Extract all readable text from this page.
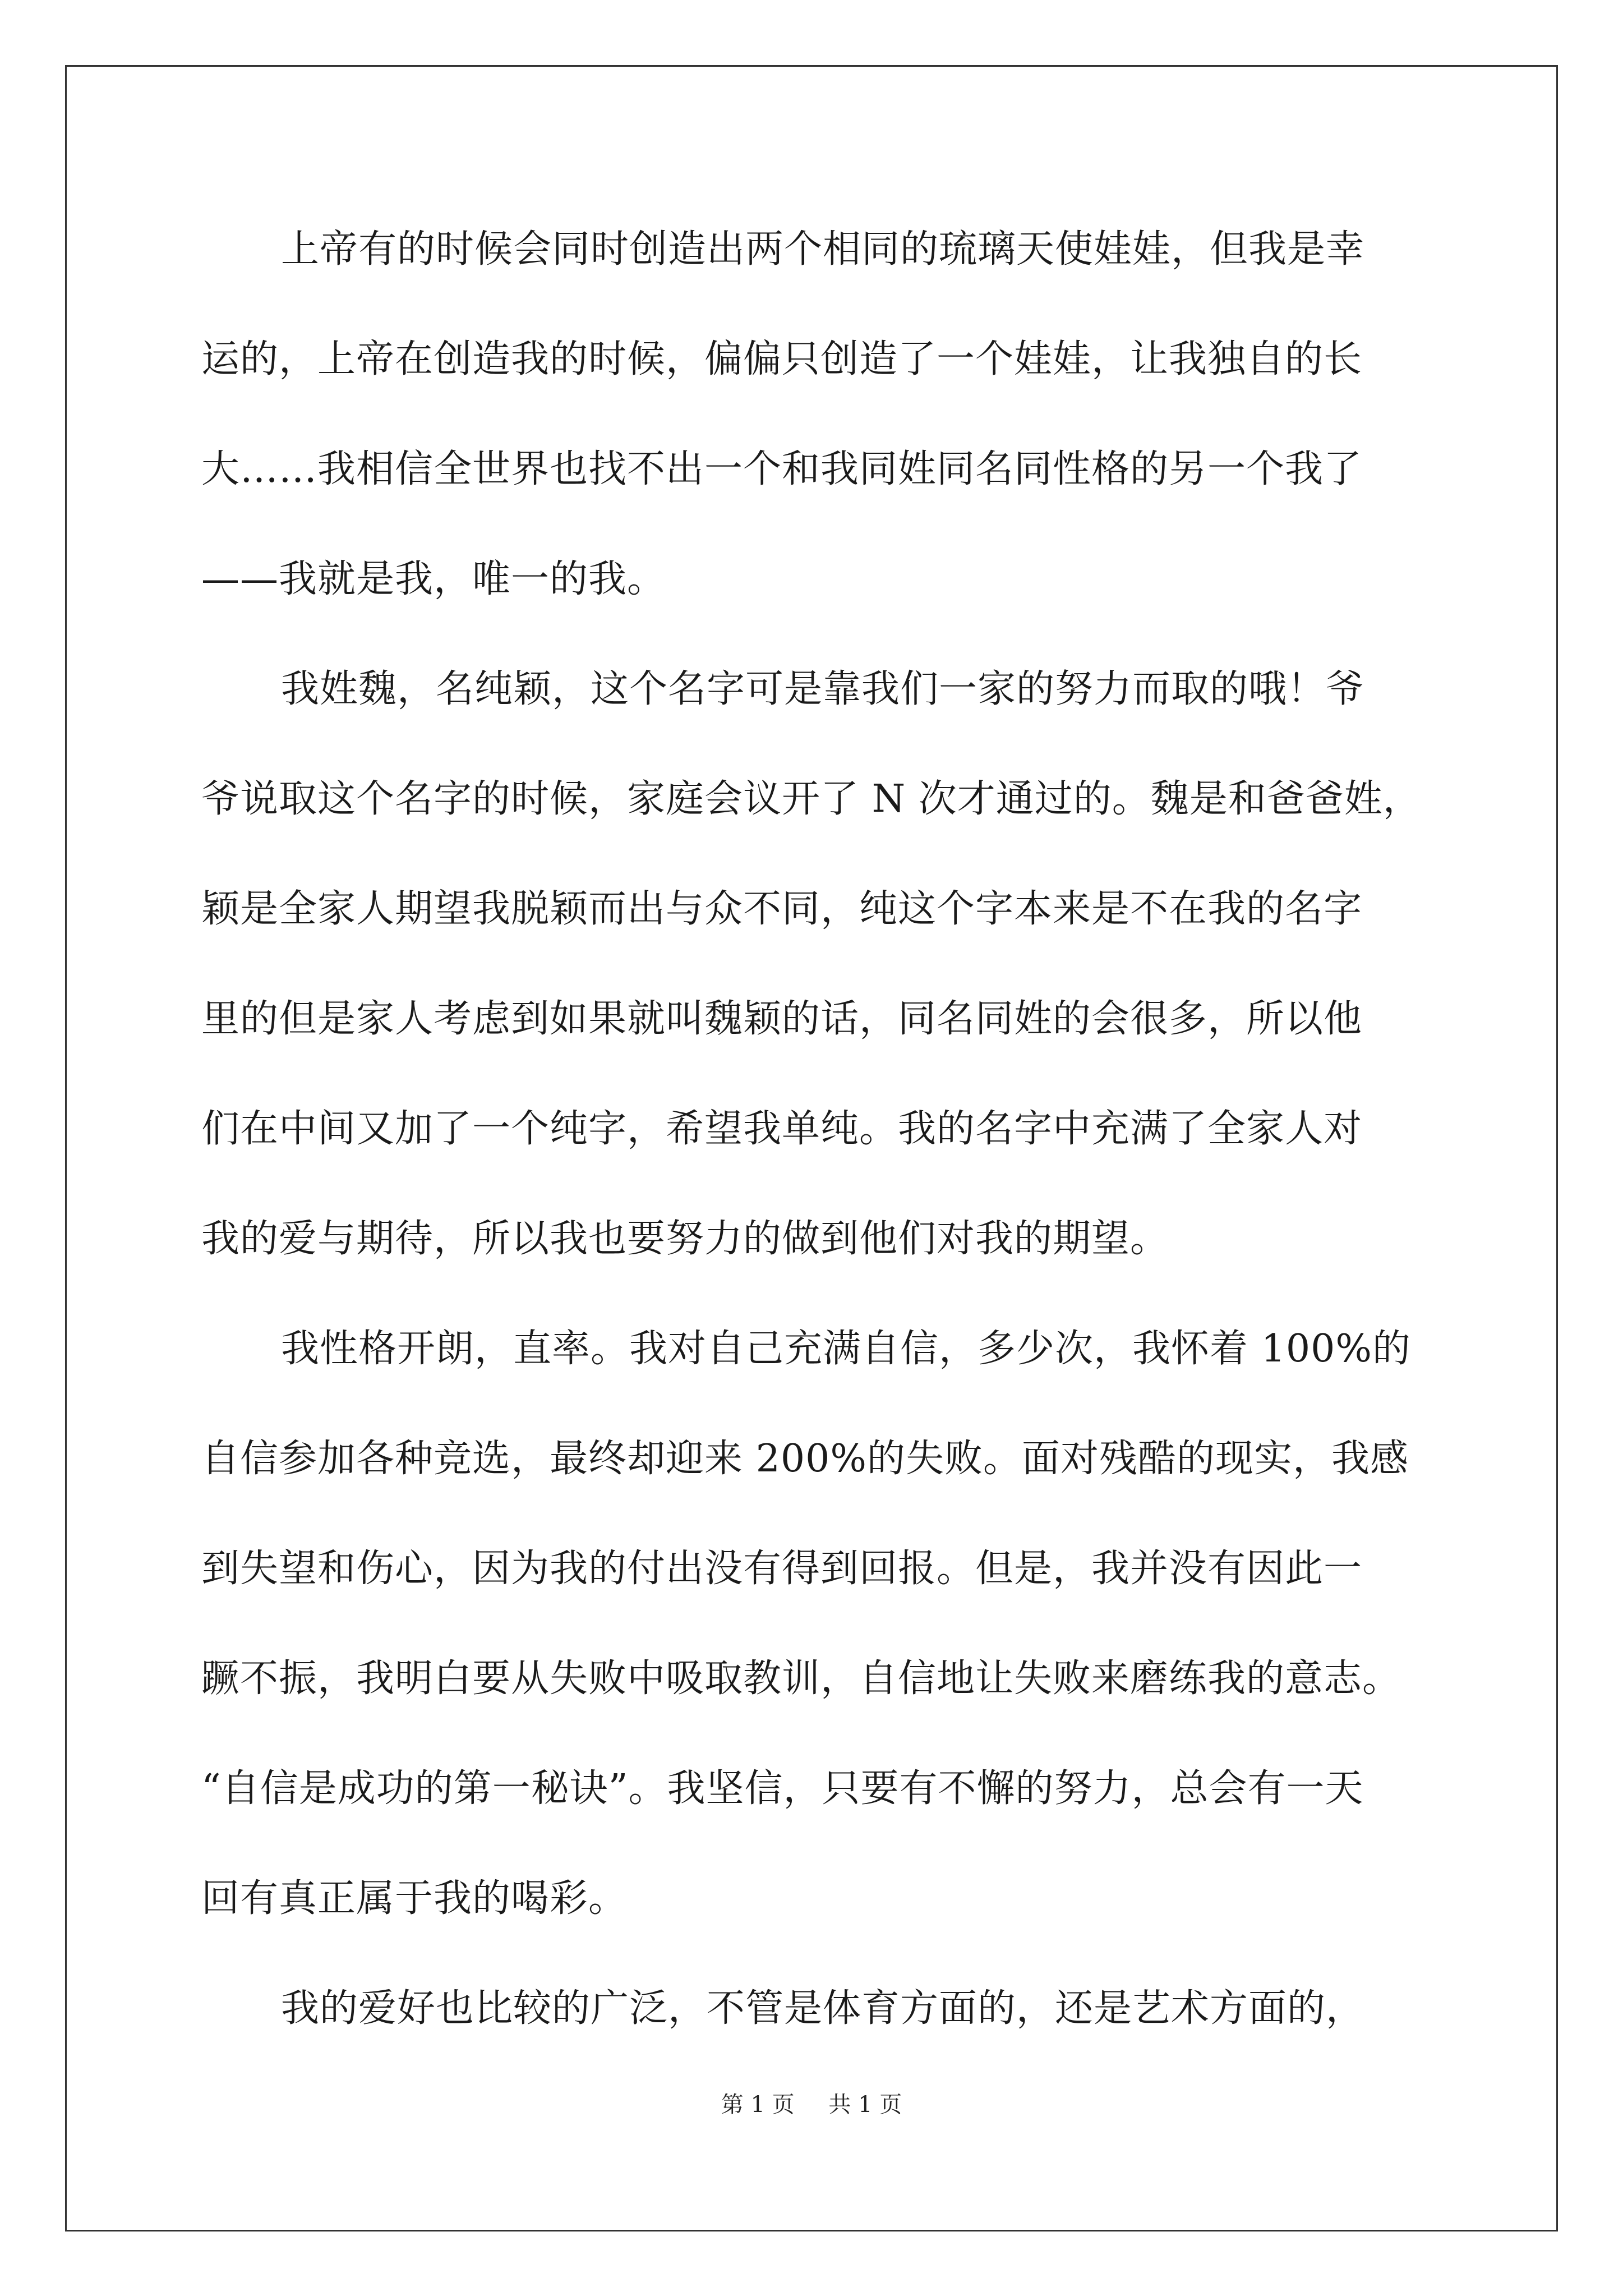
上帝有的时候会同时创造出两个相同的琉璃天使娃娃，但我是幸
运的，上帝在创造我的时候，偏偏只创造了一个娃娃，让我独自的长
大……我相信全世界也找不出一个和我同姓同名同性格的另一个我了
——我就是我，唯一的我。
我姓魏，名纯颖，这个名字可是靠我们一家的努力而取的哦！爷
爷说取这个名字的时候，家庭会议开了 N 次才通过的。魏是和爸爸姓，
颖是全家人期望我脱颖而出与众不同，纯这个字本来是不在我的名字
里的但是家人考虑到如果就叫魏颖的话，同名同姓的会很多，所以他
们在中间又加了一个纯字，希望我单纯。我的名字中充满了全家人对
我的爱与期待，所以我也要努力的做到他们对我的期望。
我性格开朗，直率。我对自己充满自信，多少次，我怀着 100%的
自信参加各种竞选，最终却迎来 200%的失败。面对残酷的现实，我感
到失望和伤心，因为我的付出没有得到回报。但是，我并没有因此一
蹶不振，我明白要从失败中吸取教训，自信地让失败来磨练我的意志。
“自信是成功的第一秘诀”。我坚信，只要有不懈的努力，总会有一天
回有真正属于我的喝彩。
我的爱好也比较的广泛，不管是体育方面的，还是艺术方面的，
第 1 页 共 1 页
